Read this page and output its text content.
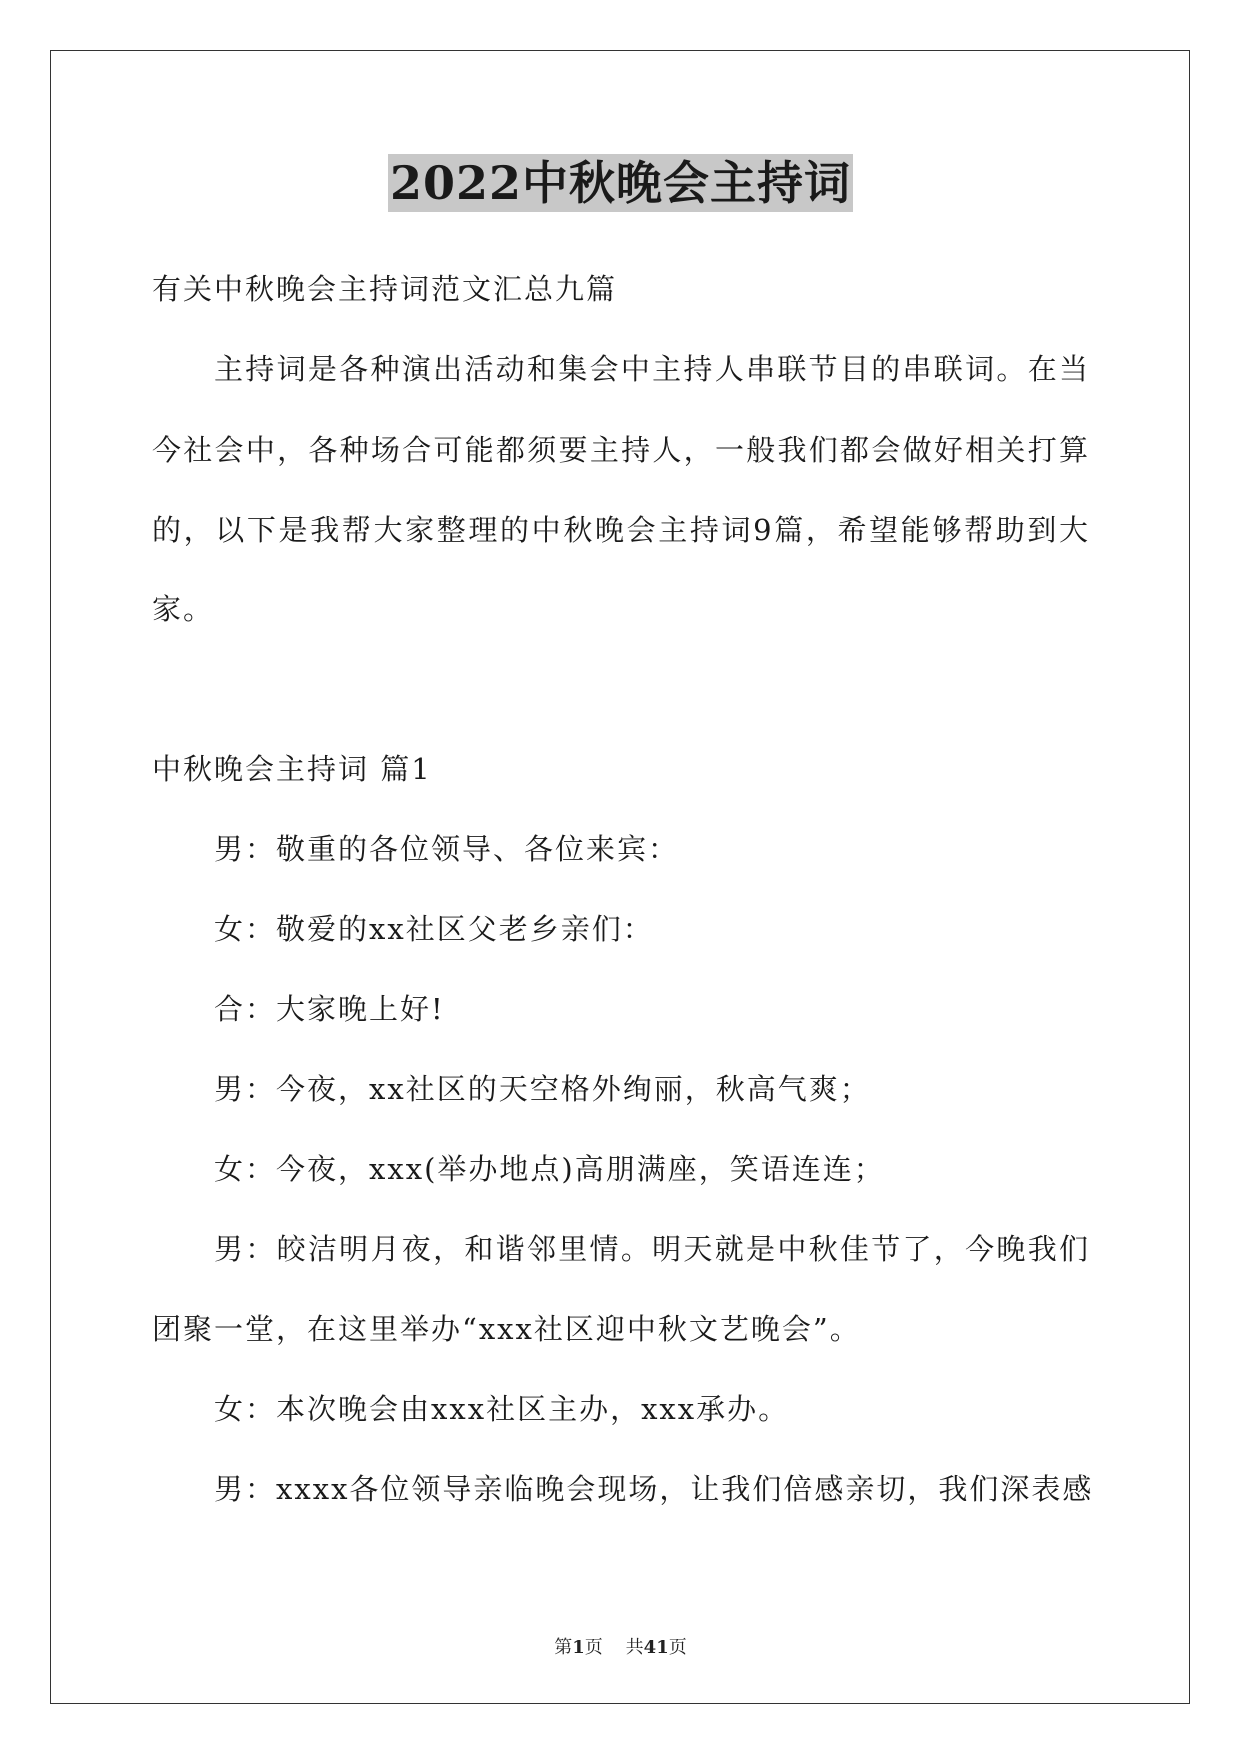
2022中秋晚会主持词
有关中秋晚会主持词范文汇总九篇
主持词是各种演出活动和集会中主持人串联节目的串联词。在当
今社会中，各种场合可能都须要主持人，一般我们都会做好相关打算
的，以下是我帮大家整理的中秋晚会主持词9篇，希望能够帮助到大
家。
中秋晚会主持词 篇1
男：敬重的各位领导、各位来宾：
女：敬爱的xx社区父老乡亲们：
合：大家晚上好!
男：今夜，xx社区的天空格外绚丽，秋高气爽；
女：今夜，xxx(举办地点)高朋满座，笑语连连；
男：皎洁明月夜，和谐邻里情。明天就是中秋佳节了，今晚我们
团聚一堂，在这里举办“xxx社区迎中秋文艺晚会”。
女：本次晚会由xxx社区主办，xxx承办。
男：xxxx各位领导亲临晚会现场，让我们倍感亲切，我们深表感
第1页 共41页
